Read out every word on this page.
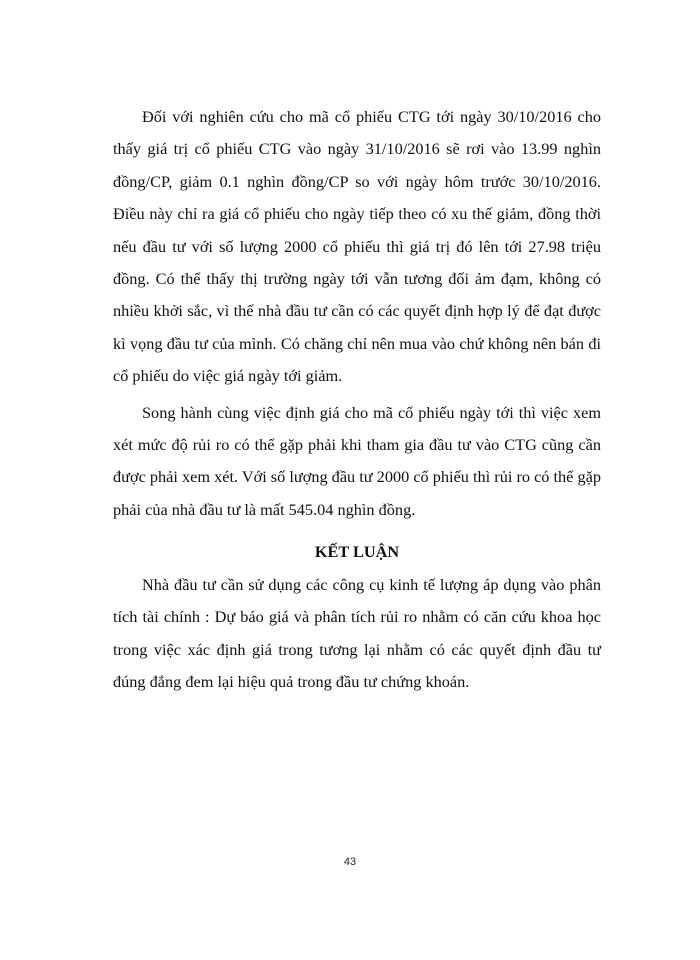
Đối với nghiên cứu cho mã cổ phiếu CTG tới ngày 30/10/2016 cho thấy giá trị cổ phiếu CTG vào ngày 31/10/2016 sẽ rơi vào 13.99 nghìn đồng/CP, giảm 0.1 nghìn đồng/CP so với ngày hôm trước 30/10/2016. Điều này chỉ ra giá cổ phiếu cho ngày tiếp theo có xu thế giảm, đồng thời nếu đầu tư với số lượng 2000 cổ phiếu thì giá trị đó lên tới 27.98 triệu đồng. Có thể thấy thị trường ngày tới vẫn tương đối ảm đạm, không có nhiều khởi sắc, vì thế nhà đầu tư cần có các quyết định hợp lý để đạt được kì vọng đầu tư của mình. Có chăng chỉ nên mua vào chứ không nên bán đi cổ phiếu do việc giá ngày tới giảm.

Song hành cùng việc định giá cho mã cổ phiếu ngày tới thì việc xem xét mức độ rủi ro có thể gặp phải khi tham gia đầu tư vào CTG cũng cần được phải xem xét. Với số lượng đầu tư 2000 cổ phiếu thì rủi ro có thể gặp phải của nhà đầu tư là mất 545.04 nghìn đồng.

KẾT LUẬN

Nhà đầu tư cần sử dụng các công cụ kinh tế lượng áp dụng vào phân tích tài chính : Dự báo giá và phân tích rủi ro nhằm có căn cứu khoa học trong việc xác định giá trong tương lại nhằm có các quyết định đầu tư đúng đắng đem lại hiệu quả trong đầu tư chứng khoán.

43
